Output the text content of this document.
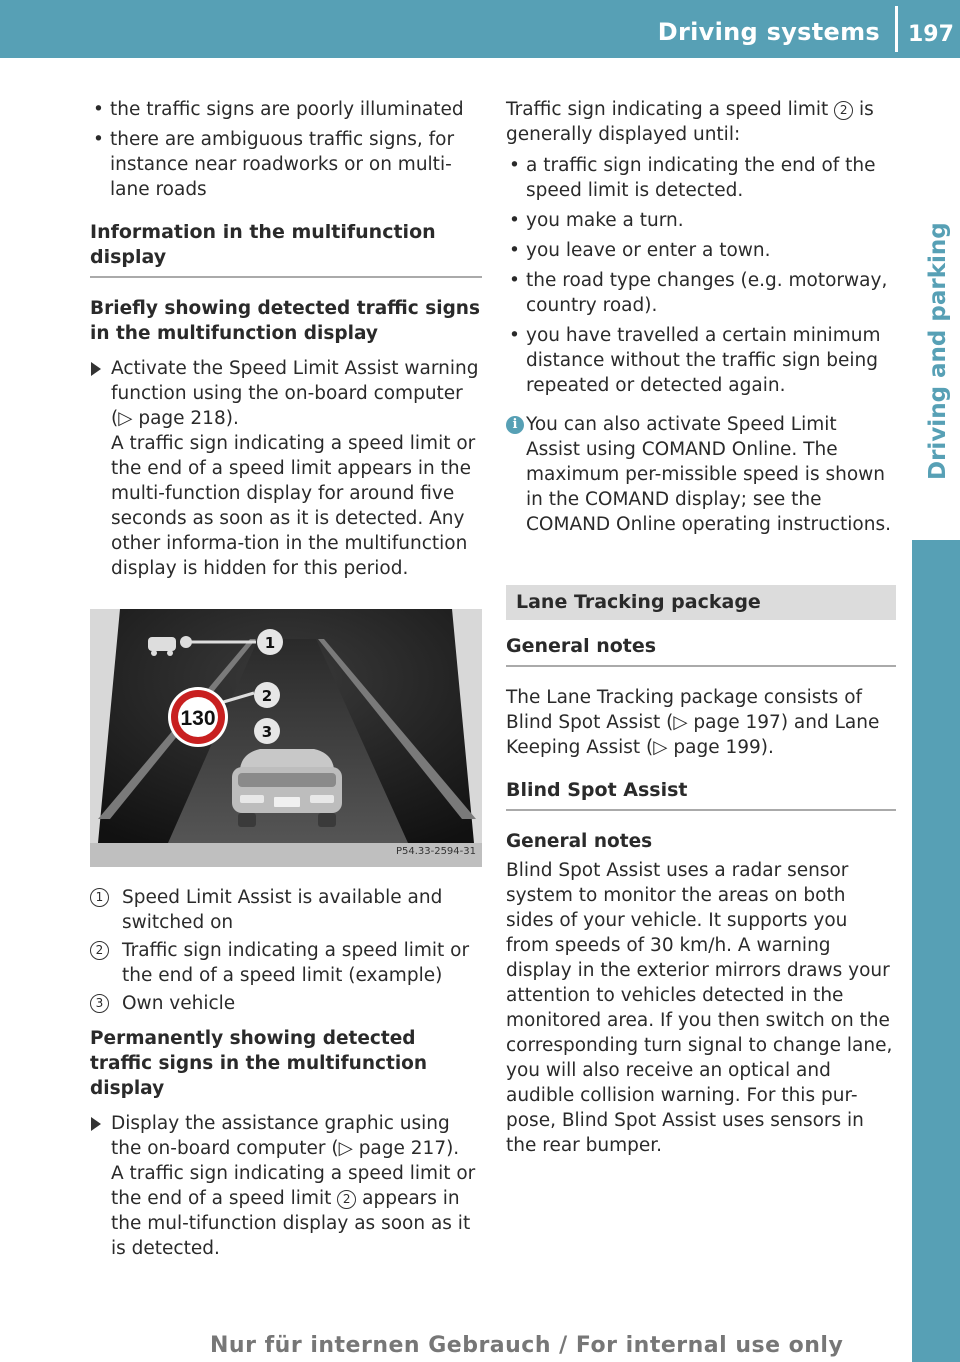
Driving systems 197
Driving and parking
• the traffic signs are poorly illuminated
• there are ambiguous traffic signs, for instance near roadworks or on multi-lane roads
Information in the multifunction display
Briefly showing detected traffic signs in the multifunction display
Activate the Speed Limit Assist warning function using the on-board computer (▷ page 218).
A traffic sign indicating a speed limit or the end of a speed limit appears in the multi-function display for around five seconds as soon as it is detected. Any other informa-tion in the multifunction display is hidden for this period.
130
1
2
3
P54.33-2594-31
1	Speed Limit Assist is available and switched on
2	Traffic sign indicating a speed limit or the end of a speed limit (example)
3	Own vehicle
Permanently showing detected traffic signs in the multifunction display
Display the assistance graphic using the on-board computer (▷ page 217).
A traffic sign indicating a speed limit or the end of a speed limit 2 appears in the mul-tifunction display as soon as it is detected.
Traffic sign indicating a speed limit 2 is generally displayed until:
• a traffic sign indicating the end of the speed limit is detected.
• you make a turn.
• you leave or enter a town.
• the road type changes (e.g. motorway, country road).
• you have travelled a certain minimum distance without the traffic sign being repeated or detected again.
i You can also activate Speed Limit Assist using COMAND Online. The maximum per-missible speed is shown in the COMAND display; see the COMAND Online operating instructions.
Lane Tracking package
General notes
The Lane Tracking package consists of Blind Spot Assist (▷ page 197) and Lane Keeping Assist (▷ page 199).
Blind Spot Assist
General notes
Blind Spot Assist uses a radar sensor system to monitor the areas on both sides of your vehicle. It supports you from speeds of 30 km/h. A warning display in the exterior mirrors draws your attention to vehicles detected in the monitored area. If you then switch on the corresponding turn signal to change lane, you will also receive an optical and audible collision warning. For this pur-pose, Blind Spot Assist uses sensors in the rear bumper.
Nur für internen Gebrauch / For internal use only
